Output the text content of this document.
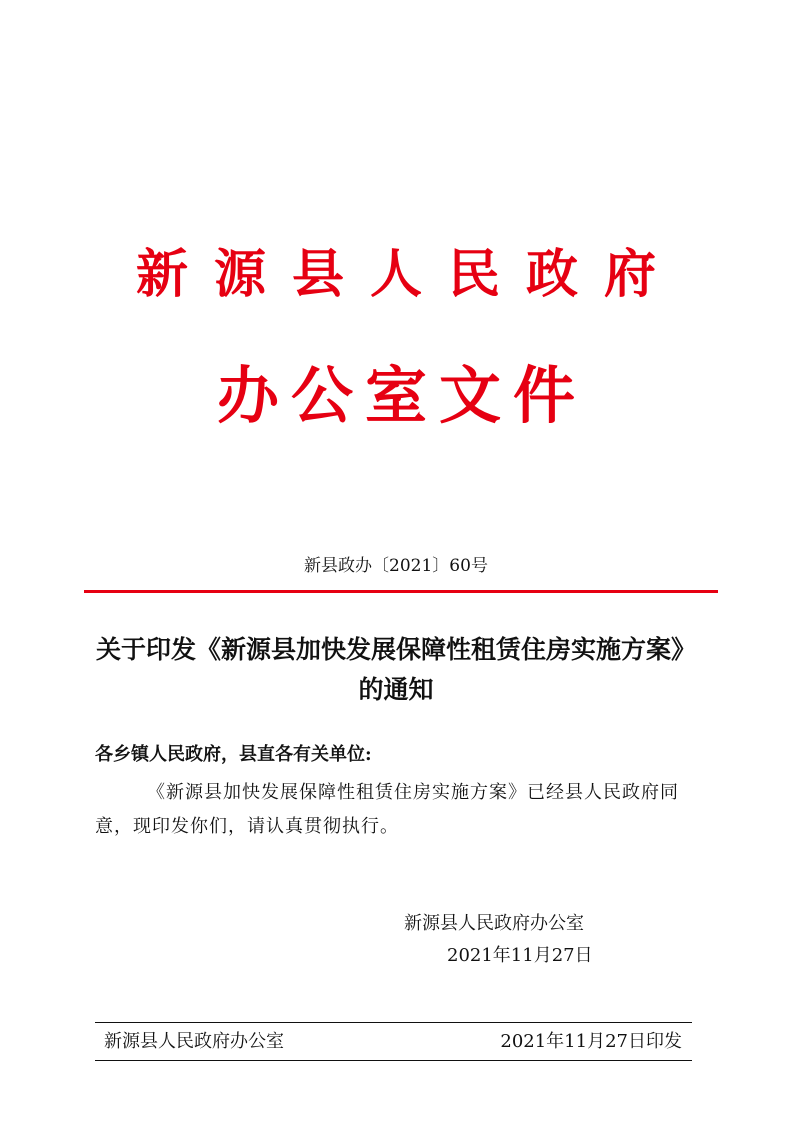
新源县人民政府
办公室文件
新县政办〔2021〕60号
关于印发《新源县加快发展保障性租赁住房实施方案》的通知
各乡镇人民政府，县直各有关单位:
《新源县加快发展保障性租赁住房实施方案》已经县人民政府同意，现印发你们，请认真贯彻执行。
新源县人民政府办公室
2021年11月27日
新源县人民政府办公室	2021年11月27日印发
